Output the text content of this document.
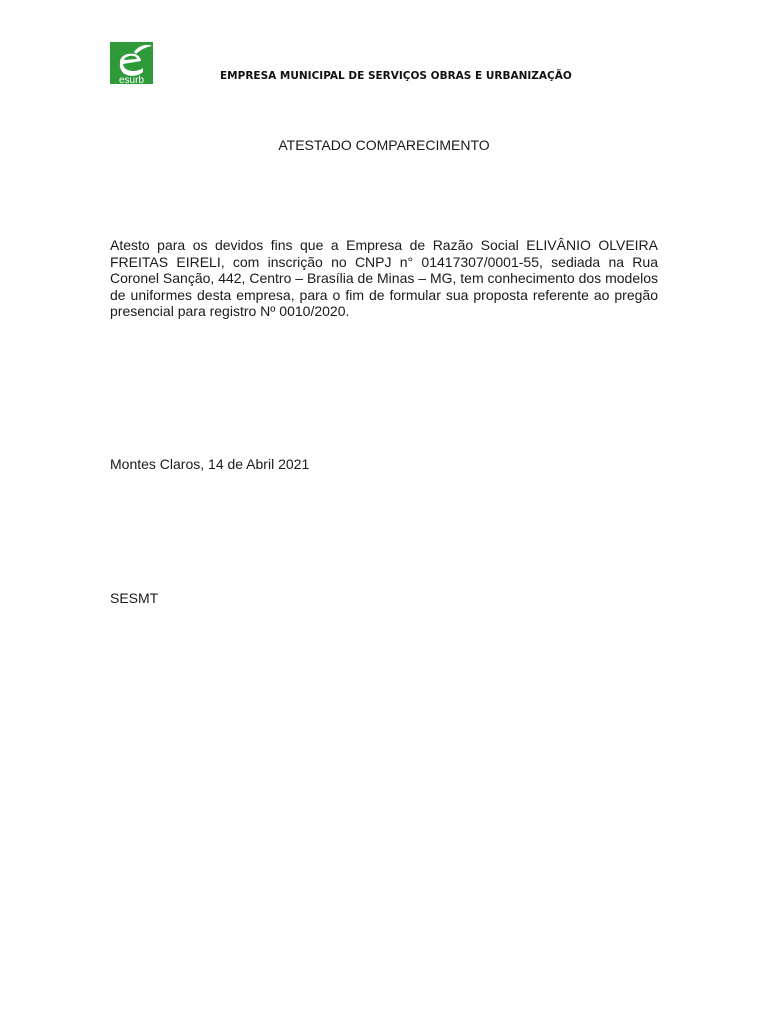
esurb	EMPRESA MUNICIPAL DE SERVIÇOS OBRAS E URBANIZAÇÃO
ATESTADO COMPARECIMENTO
Atesto para os devidos fins que a Empresa de Razão Social ELIVÂNIO OLVEIRA FREITAS EIRELI, com inscrição no CNPJ n° 01417307/0001-55, sediada na Rua Coronel Sanção, 442, Centro – Brasília de Minas – MG, tem conhecimento dos modelos de uniformes desta empresa, para o fim de formular sua proposta referente ao pregão presencial para registro Nº 0010/2020.
Montes Claros, 14 de Abril 2021
SESMT
